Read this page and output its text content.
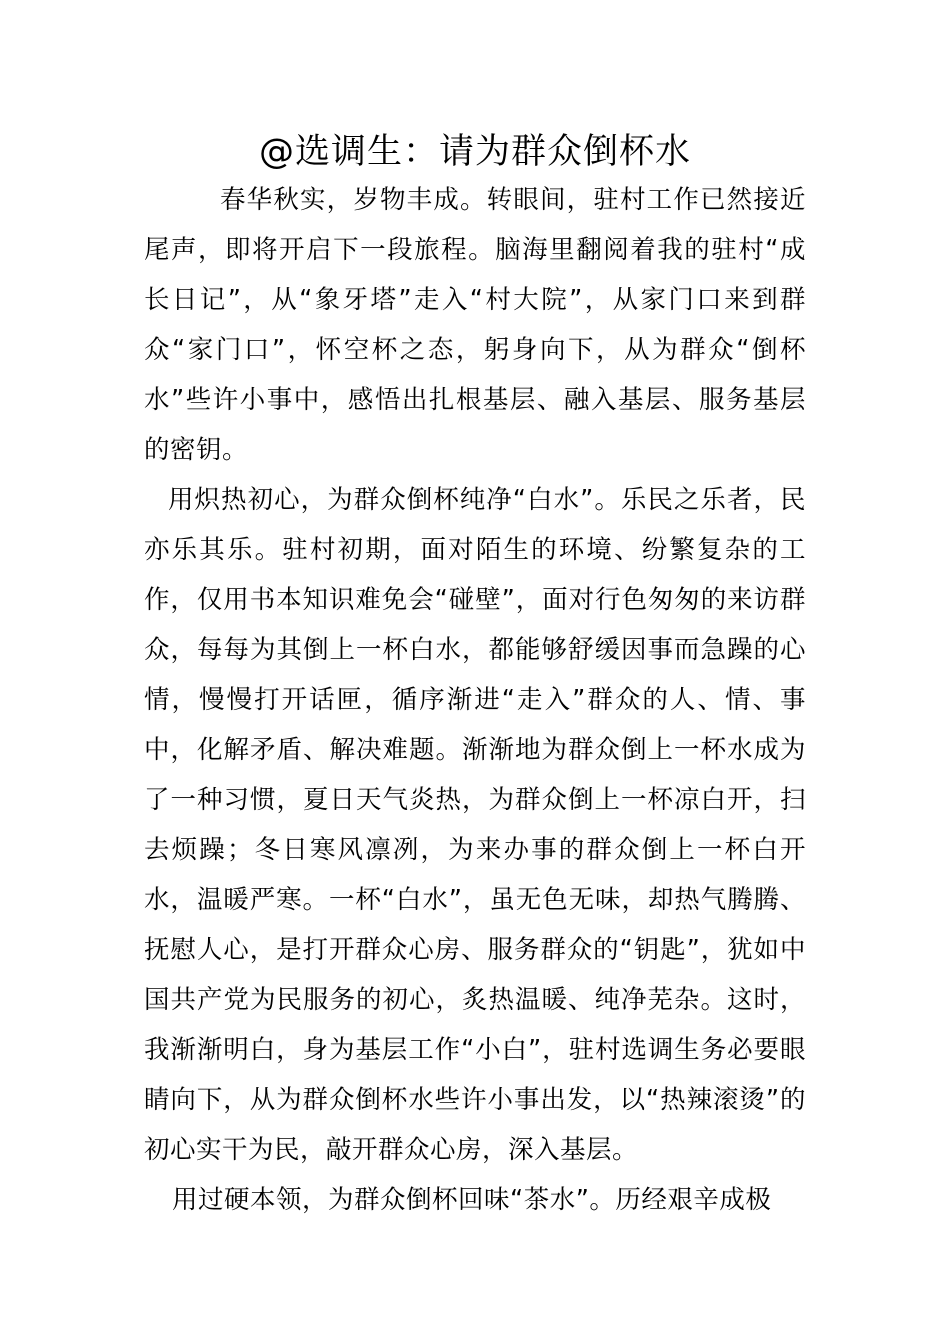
@选调生：请为群众倒杯水

春华秋实，岁物丰成。转眼间，驻村工作已然接近尾声，即将开启下一段旅程。脑海里翻阅着我的驻村“成长日记”，从“象牙塔”走入“村大院”，从家门口来到群众“家门口”，怀空杯之态，躬身向下，从为群众“倒杯水”些许小事中，感悟出扎根基层、融入基层、服务基层的密钥。

用炽热初心，为群众倒杯纯净“白水”。乐民之乐者，民亦乐其乐。驻村初期，面对陌生的环境、纷繁复杂的工作，仅用书本知识难免会“碰壁”，面对行色匆匆的来访群众，每每为其倒上一杯白水，都能够舒缓因事而急躁的心情，慢慢打开话匣，循序渐进“走入”群众的人、情、事中，化解矛盾、解决难题。渐渐地为群众倒上一杯水成为了一种习惯，夏日天气炎热，为群众倒上一杯凉白开，扫去烦躁；冬日寒风凛冽，为来办事的群众倒上一杯白开水，温暖严寒。一杯“白水”，虽无色无味，却热气腾腾、抚慰人心，是打开群众心房、服务群众的“钥匙”，犹如中国共产党为民服务的初心，炙热温暖、纯净芜杂。这时，我渐渐明白，身为基层工作“小白”，驻村选调生务必要眼睛向下，从为群众倒杯水些许小事出发，以“热辣滚烫”的初心实干为民，敲开群众心房，深入基层。

用过硬本领，为群众倒杯回味“茶水”。历经艰辛成极
